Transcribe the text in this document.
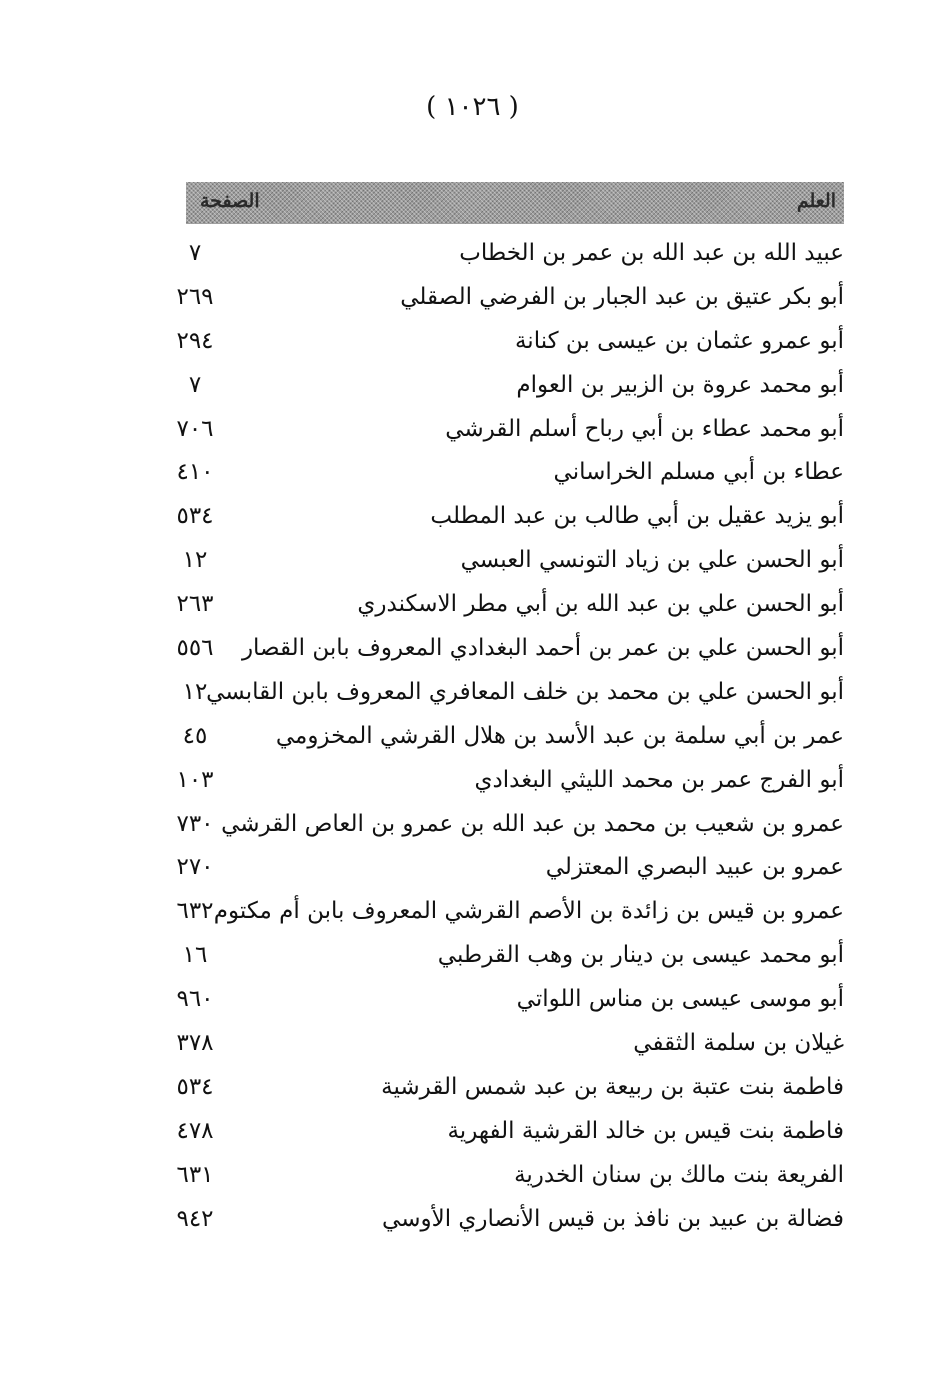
( ١٠٢٦ )
العلم
الصفحة
عبيد الله بن عبد الله بن عمر بن الخطاب
٧
أبو بكر عتيق بن عبد الجبار بن الفرضي الصقلي
٢٦٩
أبو عمرو عثمان بن عيسى بن كنانة
٢٩٤
أبو محمد عروة بن الزبير بن العوام
٧
أبو محمد عطاء بن أبي رباح أسلم القرشي
٧٠٦
عطاء بن أبي مسلم الخراساني
٤١٠
أبو يزيد عقيل بن أبي طالب بن عبد المطلب
٥٣٤
أبو الحسن علي بن زياد التونسي العبسي
١٢
أبو الحسن علي بن عبد الله بن أبي مطر الاسكندري
٢٦٣
أبو الحسن علي بن عمر بن أحمد البغدادي المعروف بابن القصار
٥٥٦
أبو الحسن علي بن محمد بن خلف المعافري المعروف بابن القابسي
١٢
عمر بن أبي سلمة بن عبد الأسد بن هلال القرشي المخزومي
٤٥
أبو الفرج عمر بن محمد الليثي البغدادي
١٠٣
عمرو بن شعيب بن محمد بن عبد الله بن عمرو بن العاص القرشي
٧٣٠
عمرو بن عبيد البصري المعتزلي
٢٧٠
عمرو بن قيس بن زائدة بن الأصم القرشي المعروف بابن أم مكتوم
٦٣٢
أبو محمد عيسى بن دينار بن وهب القرطبي
١٦
أبو موسى عيسى بن مناس اللواتي
٩٦٠
غيلان بن سلمة الثقفي
٣٧٨
فاطمة بنت عتبة بن ربيعة بن عبد شمس القرشية
٥٣٤
فاطمة بنت قيس بن خالد القرشية الفهرية
٤٧٨
الفريعة بنت مالك بن سنان الخدرية
٦٣١
فضالة بن عبيد بن نافذ بن قيس الأنصاري الأوسي
٩٤٢
